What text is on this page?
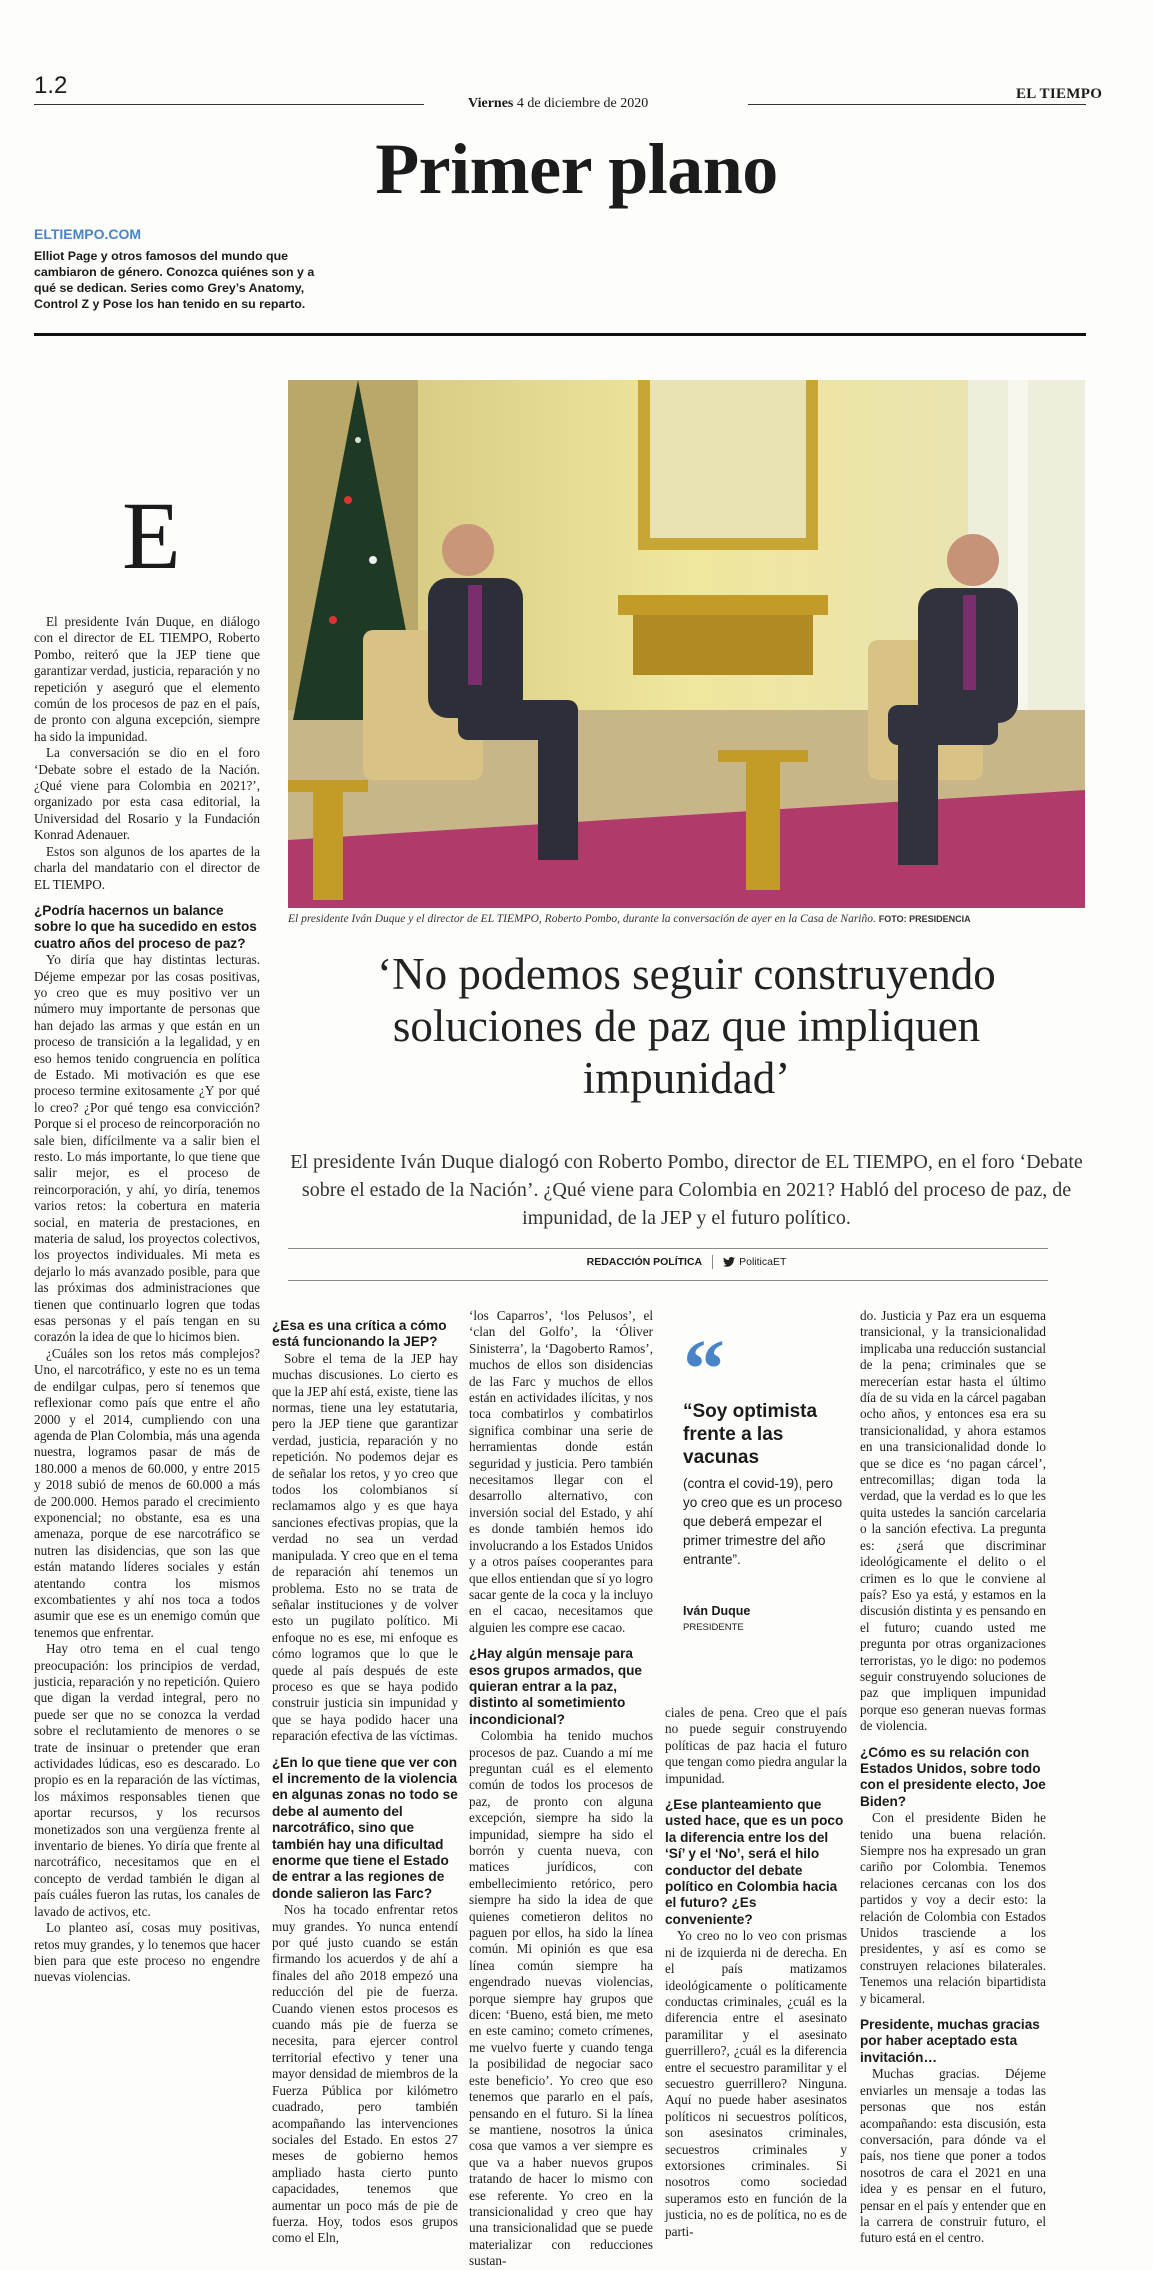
1.2
Viernes 4 de diciembre de 2020
EL TIEMPO
Primer plano
ELTIEMPO.COM
Elliot Page y otros famosos del mundo que cambiaron de género. Conozca quiénes son y a qué se dedican. Series como Grey’s Anatomy, Control Z y Pose los han tenido en su reparto.
El presidente Iván Duque y el director de EL TIEMPO, Roberto Pombo, durante la conversación de ayer en la Casa de Nariño. FOTO: PRESIDENCIA
‘No podemos seguir construyendo soluciones de paz que impliquen impunidad’
El presidente Iván Duque dialogó con Roberto Pombo, director de EL TIEMPO, en el foro ‘Debate sobre el estado de la Nación’. ¿Qué viene para Colombia en 2021? Habló del proceso de paz, de impunidad, de la JEP y el futuro político.
REDACCIÓN POLÍTICA	PoliticaET
E

El presidente Iván Duque, en diálogo con el director de EL TIEMPO, Roberto Pombo, reiteró que la JEP tiene que garantizar verdad, justicia, reparación y no repetición y aseguró que el elemento común de los procesos de paz en el país, de pronto con alguna excepción, siempre ha sido la impunidad.

La conversación se dio en el foro ‘Debate sobre el estado de la Nación. ¿Qué viene para Colombia en 2021?’, organizado por esta casa editorial, la Universidad del Rosario y la Fundación Konrad Adenauer.

Estos son algunos de los apartes de la charla del mandatario con el director de EL TIEMPO.

¿Podría hacernos un balance sobre lo que ha sucedido en estos cuatro años del proceso de paz?

Yo diría que hay distintas lecturas. Déjeme empezar por las cosas positivas, yo creo que es muy positivo ver un número muy importante de personas que han dejado las armas y que están en un proceso de transición a la legalidad, y en eso hemos tenido congruencia en política de Estado. Mi motivación es que ese proceso termine exitosamente ¿Y por qué lo creo? ¿Por qué tengo esa convicción? Porque si el proceso de reincorporación no sale bien, difícilmente va a salir bien el resto. Lo más importante, lo que tiene que salir mejor, es el proceso de reincorporación, y ahí, yo diría, tenemos varios retos: la cobertura en materia social, en materia de prestaciones, en materia de salud, los proyectos colectivos, los proyectos individuales. Mi meta es dejarlo lo más avanzado posible, para que las próximas dos administraciones que tienen que continuarlo logren que todas esas personas y el país tengan en su corazón la idea de que lo hicimos bien.

¿Cuáles son los retos más complejos? Uno, el narcotráfico, y este no es un tema de endilgar culpas, pero sí tenemos que reflexionar como país que entre el año 2000 y el 2014, cumpliendo con una agenda de Plan Colombia, más una agenda nuestra, logramos pasar de más de 180.000 a menos de 60.000, y entre 2015 y 2018 subió de menos de 60.000 a más de 200.000. Hemos parado el crecimiento exponencial; no obstante, esa es una amenaza, porque de ese narcotráfico se nutren las disidencias, que son las que están matando líderes sociales y están atentando contra los mismos excombatientes y ahí nos toca a todos asumir que ese es un enemigo común que tenemos que enfrentar.

Hay otro tema en el cual tengo preocupación: los principios de verdad, justicia, reparación y no repetición. Quiero que digan la verdad integral, pero no puede ser que no se conozca la verdad sobre el reclutamiento de menores o se trate de insinuar o pretender que eran actividades lúdicas, eso es descarado. Lo propio es en la reparación de las víctimas, los máximos responsables tienen que aportar recursos, y los recursos monetizados son una vergüenza frente al inventario de bienes. Yo diría que frente al narcotráfico, necesitamos que en el concepto de verdad también le digan al país cuáles fueron las rutas, los canales de lavado de activos, etc.

Lo planteo así, cosas muy positivas, retos muy grandes, y lo tenemos que hacer bien para que este proceso no engendre nuevas violencias.

¿Esa es una crítica a cómo está funcionando la JEP?

Sobre el tema de la JEP hay muchas discusiones. Lo cierto es que la JEP ahí está, existe, tiene las normas, tiene una ley estatutaria, pero la JEP tiene que garantizar verdad, justicia, reparación y no repetición. No podemos dejar es de señalar los retos, y yo creo que todos los colombianos sí reclamamos algo y es que haya sanciones efectivas propias, que la verdad no sea un verdad manipulada. Y creo que en el tema de reparación ahí tenemos un problema. Esto no se trata de señalar instituciones y de volver esto un pugilato político. Mi enfoque no es ese, mi enfoque es cómo logramos que lo que le quede al país después de este proceso es que se haya podido construir justicia sin impunidad y que se haya podido hacer una reparación efectiva de las víctimas.

¿En lo que tiene que ver con el incremento de la violencia en algunas zonas no todo se debe al aumento del narcotráfico, sino que también hay una dificultad enorme que tiene el Estado de entrar a las regiones de donde salieron las Farc?

Nos ha tocado enfrentar retos muy grandes. Yo nunca entendí por qué justo cuando se están firmando los acuerdos y de ahí a finales del año 2018 empezó una reducción del pie de fuerza. Cuando vienen estos procesos es cuando más pie de fuerza se necesita, para ejercer control territorial efectivo y tener una mayor densidad de miembros de la Fuerza Pública por kilómetro cuadrado, pero también acompañando las intervenciones sociales del Estado. En estos 27 meses de gobierno hemos ampliado hasta cierto punto capacidades, tenemos que aumentar un poco más de pie de fuerza. Hoy, todos esos grupos como el Eln,

‘los Caparros’, ‘los Pelusos’, el ‘clan del Golfo’, la ‘Óliver Sinisterra’, la ‘Dagoberto Ramos’, muchos de ellos son disidencias de las Farc y muchos de ellos están en actividades ilícitas, y nos toca combatirlos y combatirlos significa combinar una serie de herramientas donde están seguridad y justicia. Pero también necesitamos llegar con el desarrollo alternativo, con inversión social del Estado, y ahí es donde también hemos ido involucrando a los Estados Unidos y a otros países cooperantes para que ellos entiendan que sí yo logro sacar gente de la coca y la incluyo en el cacao, necesitamos que alguien les compre ese cacao.

¿Hay algún mensaje para esos grupos armados, que quieran entrar a la paz, distinto al sometimiento incondicional?

Colombia ha tenido muchos procesos de paz. Cuando a mí me preguntan cuál es el elemento común de todos los procesos de paz, de pronto con alguna excepción, siempre ha sido la impunidad, siempre ha sido el borrón y cuenta nueva, con matices jurídicos, con embellecimiento retórico, pero siempre ha sido la idea de que quienes cometieron delitos no paguen por ellos, ha sido la línea común. Mi opinión es que esa línea común siempre ha engendrado nuevas violencias, porque siempre hay grupos que dicen: ‘Bueno, está bien, me meto en este camino; cometo crímenes, me vuelvo fuerte y cuando tenga la posibilidad de negociar saco este beneficio’. Yo creo que eso tenemos que pararlo en el país, pensando en el futuro. Si la línea se mantiene, nosotros la única cosa que vamos a ver siempre es que va a haber nuevos grupos tratando de hacer lo mismo con ese referente. Yo creo en la transicionalidad y creo que hay una transicionalidad que se puede materializar con reducciones sustan-

ciales de pena. Creo que el país no puede seguir construyendo políticas de paz hacia el futuro que tengan como piedra angular la impunidad.

¿Ese planteamiento que usted hace, que es un poco la diferencia entre los del ‘Sí’ y el ‘No’, será el hilo conductor del debate político en Colombia hacia el futuro? ¿Es conveniente?

Yo creo no lo veo con prismas ni de izquierda ni de derecha. En el país matizamos ideológicamente o políticamente conductas criminales, ¿cuál es la diferencia entre el asesinato paramilitar y el asesinato guerrillero?, ¿cuál es la diferencia entre el secuestro paramilitar y el secuestro guerrillero? Ninguna. Aquí no puede haber asesinatos políticos ni secuestros políticos, son asesinatos criminales, secuestros criminales y extorsiones criminales. Si nosotros como sociedad superamos esto en función de la justicia, no es de política, no es de parti-

do. Justicia y Paz era un esquema transicional, y la transicionalidad implicaba una reducción sustancial de la pena; criminales que se merecerían estar hasta el último día de su vida en la cárcel pagaban ocho años, y entonces esa era su transicionalidad, y ahora estamos en una transicionalidad donde lo que se dice es ‘no pagan cárcel’, entrecomillas; digan toda la verdad, que la verdad es lo que les quita ustedes la sanción carcelaria o la sanción efectiva. La pregunta es: ¿será que discriminar ideológicamente el delito o el crimen es lo que le conviene al país? Eso ya está, y estamos en la discusión distinta y es pensando en el futuro; cuando usted me pregunta por otras organizaciones terroristas, yo le digo: no podemos seguir construyendo soluciones de paz que impliquen impunidad porque eso generan nuevas formas de violencia.

¿Cómo es su relación con Estados Unidos, sobre todo con el presidente electo, Joe Biden?

Con el presidente Biden he tenido una buena relación. Siempre nos ha expresado un gran cariño por Colombia. Tenemos relaciones cercanas con los dos partidos y voy a decir esto: la relación de Colombia con Estados Unidos trasciende a los presidentes, y así es como se construyen relaciones bilaterales. Tenemos una relación bipartidista y bicameral.

Presidente, muchas gracias por haber aceptado esta invitación…

Muchas gracias. Déjeme enviarles un mensaje a todas las personas que nos están acompañando: esta discusión, esta conversación, para dónde va el país, nos tiene que poner a todos nosotros de cara el 2021 en una idea y es pensar en el futuro, pensar en el país y entender que en la carrera de construir futuro, el futuro está en el centro.

“
“Soy optimista frente a las vacunas
(contra el covid-19), pero yo creo que es un proceso que deberá empezar el primer trimestre del año entrante”.
Iván Duque
PRESIDENTE
